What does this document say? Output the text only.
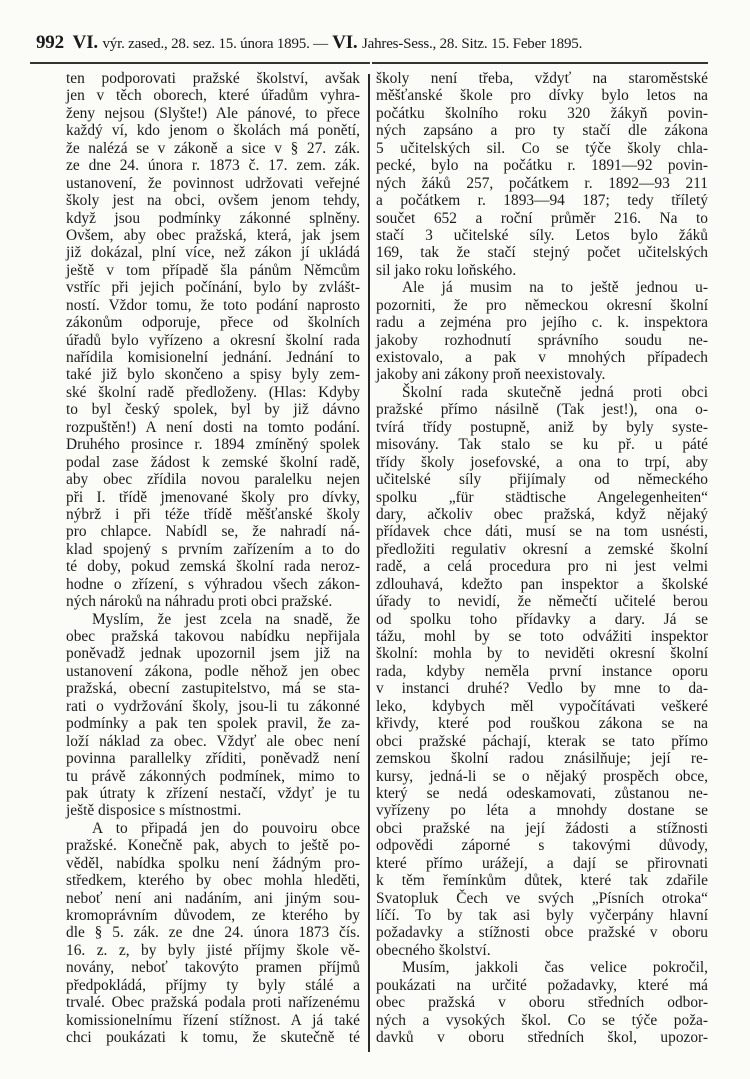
992 VI. výr. zased., 28. sez. 15. února 1895. — VI. Jahres-Sess., 28. Sitz. 15. Feber 1895.
ten podporovati pražské školství, avšak
jen v těch oborech, které úřadům vyhra-
ženy nejsou (Slyšte!) Ale pánové, to přece
každý ví, kdo jenom o školách má ponětí,
že nalézá se v zákoně a sice v § 27. zák.
ze dne 24. února r. 1873 č. 17. zem. zák.
ustanovení, že povinnost udržovati veřejné
školy jest na obci, ovšem jenom tehdy,
když jsou podmínky zákonné splněny.
Ovšem, aby obec pražská, která, jak jsem
již dokázal, plní více, než zákon jí ukládá
ještě v tom případě šla pánům Němcům
vstříc při jejich počínání, bylo by zvlášt-
ností. Vždor tomu, že toto podání naprosto
zákonům odporuje, přece od školních
úřadů bylo vyřízeno a okresní školní rada
nařídila komisionelní jednání. Jednání to
také již bylo skončeno a spisy byly zem-
ské školní radě předloženy. (Hlas: Kdyby
to byl český spolek, byl by již dávno
rozpuštěn!) A není dosti na tomto podání.
Druhého prosince r. 1894 zmíněný spolek
podal zase žádost k zemské školní radě,
aby obec zřídila novou paralelku nejen
při I. třídě jmenované školy pro dívky,
nýbrž i při téže třídě měšťanské školy
pro chlapce. Nabídl se, že nahradí ná-
klad spojený s prvním zařízením a to do
té doby, pokud zemská školní rada neroz-
hodne o zřízení, s výhradou všech zákon-
ných nároků na náhradu proti obci pražské.
Myslím, že jest zcela na snadě, že
obec pražská takovou nabídku nepřijala
poněvadž jednak upozornil jsem již na
ustanovení zákona, podle něhož jen obec
pražská, obecní zastupitelstvo, má se sta-
rati o vydržování školy, jsou-li tu zákonné
podmínky a pak ten spolek pravil, že za-
loží náklad za obec. Vždyť ale obec není
povinna parallelky zříditi, poněvadž není
tu právě zákonných podmínek, mimo to
pak útraty k zřízení nestačí, vždyť je tu
ještě disposice s místnostmi.
A to připadá jen do pouvoiru obce
pražské. Konečně pak, abych to ještě po-
věděl, nabídka spolku není žádným pro-
středkem, kterého by obec mohla hleděti,
neboť není ani nadáním, ani jiným sou-
kromoprávním důvodem, ze kterého by
dle § 5. zák. ze dne 24. února 1873 čís.
16. z. z, by byly jisté příjmy škole vě-
novány, neboť takovýto pramen příjmů
předpokládá, příjmy ty byly stálé a
trvalé. Obec pražská podala proti nařízenému
komissionelnímu řízení stížnost. A já také
chci poukázati k tomu, že skutečně té
školy není třeba, vždyť na staroměstské
měšťanské škole pro dívky bylo letos na
počátku školního roku 320 žákyň povin-
ných zapsáno a pro ty stačí dle zákona
5 učitelských sil. Co se týče školy chla-
pecké, bylo na počátku r. 1891—92 povin-
ných žáků 257, počátkem r. 1892—93 211
a počátkem r. 1893—94 187; tedy tříletý
součet 652 a roční průměr 216. Na to
stačí 3 učitelské síly. Letos bylo žáků
169, tak že stačí stejný počet učitelských
sil jako roku loňského.
Ale já musim na to ještě jednou u-
pozorniti, že pro německou okresní školní
radu a zejména pro jejího c. k. inspektora
jakoby rozhodnutí správního soudu ne-
existovalo, a pak v mnohých případech
jakoby ani zákony proň neexistovaly.
Školní rada skutečně jedná proti obci
pražské přímo násilně (Tak jest!), ona o-
tvírá třídy postupně, aniž by byly syste-
misovány. Tak stalo se ku př. u páté
třídy školy josefovské, a ona to trpí, aby
učitelské síly přijímaly od německého
spolku „für städtische Angelegenheiten“
dary, ačkoliv obec pražská, když nějaký
přídavek chce dáti, musí se na tom usnésti,
předložiti regulativ okresní a zemské školní
radě, a celá procedura pro ni jest velmi
zdlouhavá, kdežto pan inspektor a školské
úřady to nevidí, že němečtí učitelé berou
od spolku toho přídavky a dary. Já se
tážu, mohl by se toto odvážiti inspektor
školní: mohla by to neviděti okresní školní
rada, kdyby neměla první instance oporu
v instanci druhé? Vedlo by mne to da-
leko, kdybych měl vypočítávati veškeré
křivdy, které pod rouškou zákona se na
obci pražské páchají, kterak se tato přímo
zemskou školní radou znásilňuje; její re-
kursy, jedná-li se o nějaký prospěch obce,
který se nedá odeskamovati, zůstanou ne-
vyřízeny po léta a mnohdy dostane se
obci pražské na její žádosti a stížnosti
odpovědi záporné s takovými důvody,
které přímo urážejí, a dají se přirovnati
k těm řemínkům důtek, které tak zdařile
Svatopluk Čech ve svých „Písních otroka“
líčí. To by tak asi byly vyčerpány hlavní
požadavky a stížnosti obce pražské v oboru
obecného školství.
Musím, jakkoli čas velice pokročil,
poukázati na určité požadavky, které má
obec pražská v oboru středních odbor-
ných a vysokých škol. Co se týče poža-
davků v oboru středních škol, upozor-
